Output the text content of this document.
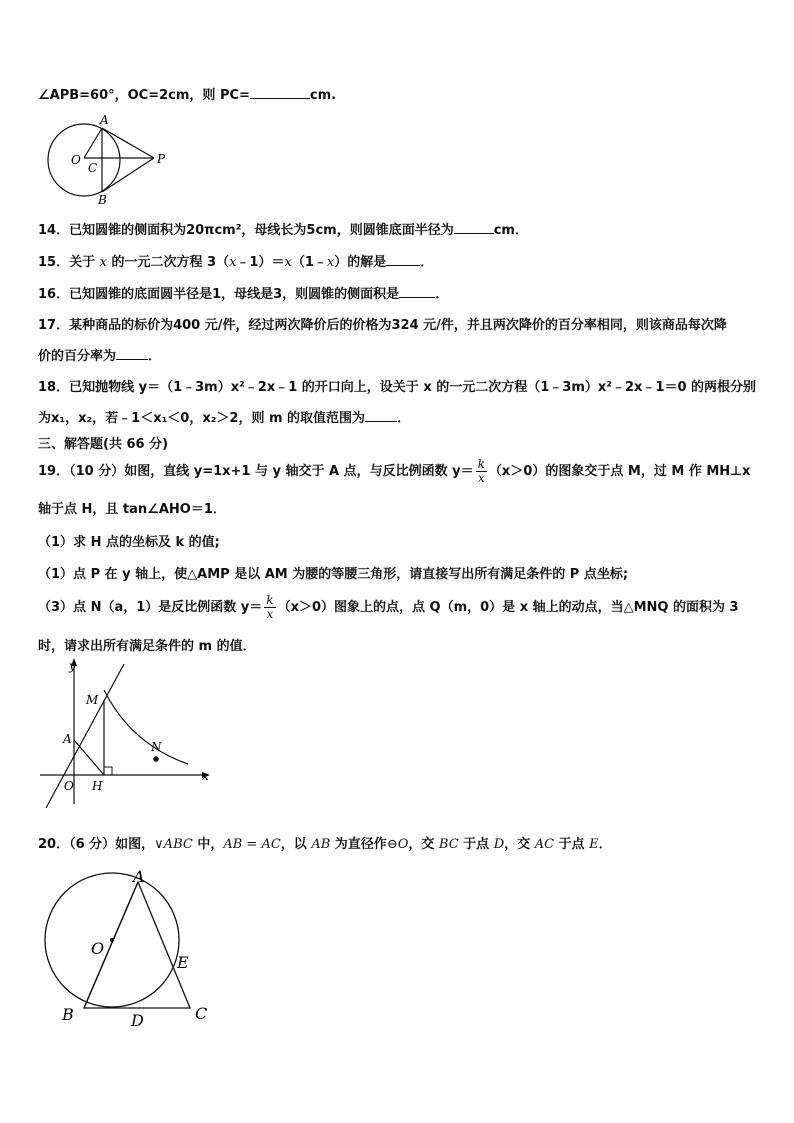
∠APB=60°，OC=2cm，则 PC=	cm.
A
O
C
B
P
14．已知圆锥的侧面积为20πcm²，母线长为5cm，则圆锥底面半径为	cm．
15．关于 x 的一元二次方程 3（x﹣1）＝x（1﹣x）的解是	．
16．已知圆锥的底面圆半径是1，母线是3，则圆锥的侧面积是	．
17．某种商品的标价为400 元/件，经过两次降价后的价格为324 元/件，并且两次降价的百分率相同，则该商品每次降
价的百分率为 ．
18．已知抛物线 y＝（1﹣3m）x²﹣2x﹣1 的开口向上，设关于 x 的一元二次方程（1﹣3m）x²﹣2x﹣1＝0 的两根分别
为x₁，x₂，若﹣1＜x₁＜0，x₂＞2，则 m 的取值范围为 ．
三、解答题(共 66 分)
19．（10 分）如图，直线 y=1x+1 与 y 轴交于 A 点，与反比例函数 $y= \frac{k}{x} (x>0)$的图象交于点 M，过 M 作 MH⊥x
轴于点 H，且 tan∠AHO＝1．
（1）求 H 点的坐标及 k 的值;
（1）点 P 在 y 轴上，使△AMP 是以 AM 为腰的等腰三角形，请直接写出所有满足条件的 P 点坐标;
（3）点 N（a，1）是反比例函数 $y= \frac{k}{x} (x>0)$图象上的点，点 Q（m，0）是 x 轴上的动点，当△MNQ 的面积为 3
时，请求出所有满足条件的 m 的值．
y
x
M
A
N
O H
20．（6 分）如图，∨ABC 中，AB = AC，以 AB 为直径作⊖O，交 BC 于点 D，交 AC 于点 E．
A
O
E
B	D	C
